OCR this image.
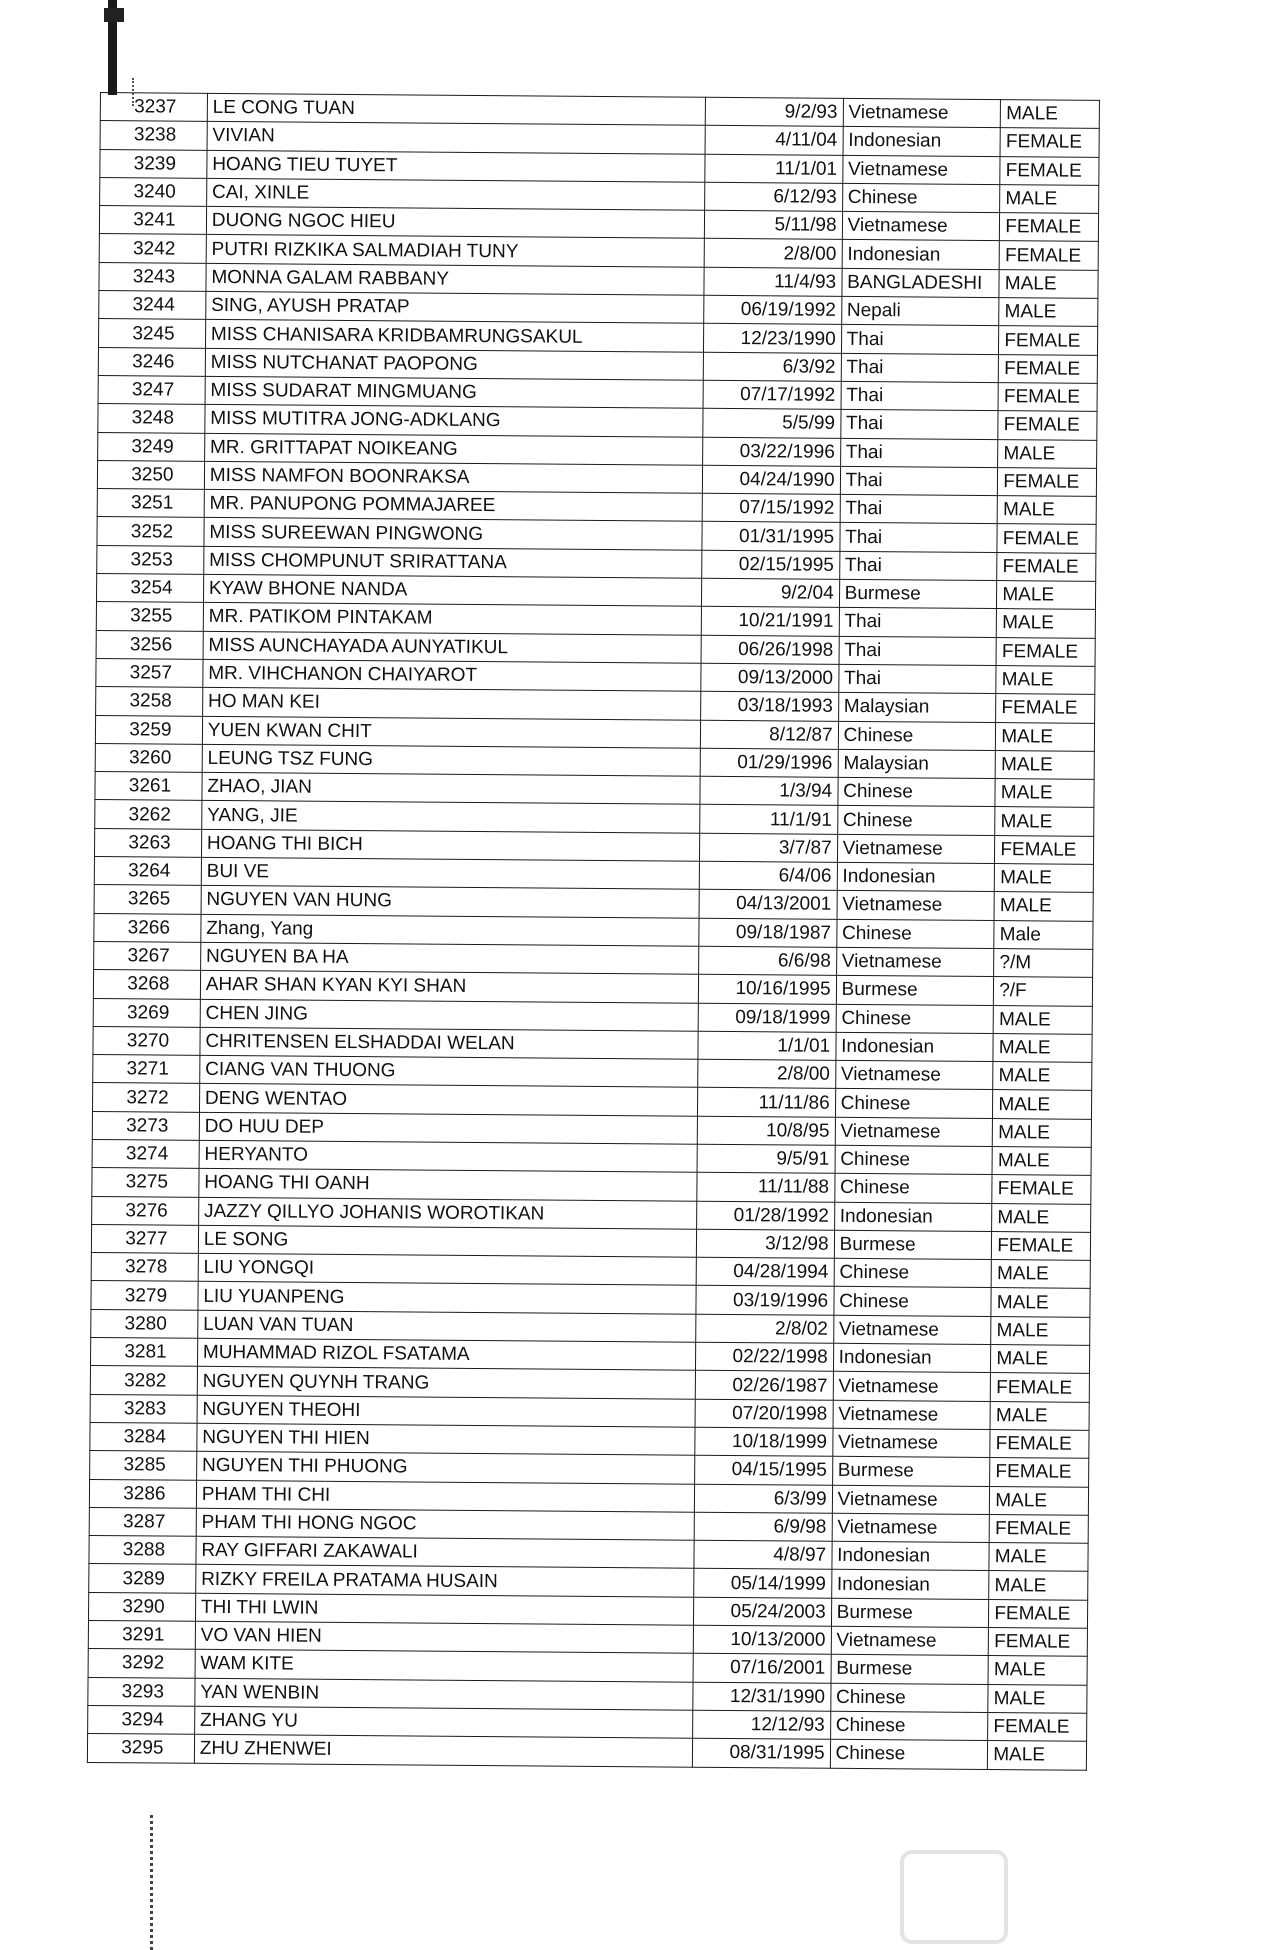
3237	LE CONG TUAN	9/2/93	Vietnamese	MALE
3238	VIVIAN	4/11/04	Indonesian	FEMALE
3239	HOANG TIEU TUYET	11/1/01	Vietnamese	FEMALE
3240	CAI, XINLE	6/12/93	Chinese	MALE
3241	DUONG NGOC HIEU	5/11/98	Vietnamese	FEMALE
3242	PUTRI RIZKIKA SALMADIAH TUNY	2/8/00	Indonesian	FEMALE
3243	MONNA GALAM RABBANY	11/4/93	BANGLADESHI	MALE
3244	SING, AYUSH PRATAP	06/19/1992	Nepali	MALE
3245	MISS CHANISARA KRIDBAMRUNGSAKUL	12/23/1990	Thai	FEMALE
3246	MISS NUTCHANAT PAOPONG	6/3/92	Thai	FEMALE
3247	MISS SUDARAT MINGMUANG	07/17/1992	Thai	FEMALE
3248	MISS MUTITRA JONG-ADKLANG	5/5/99	Thai	FEMALE
3249	MR. GRITTAPAT NOIKEANG	03/22/1996	Thai	MALE
3250	MISS NAMFON BOONRAKSA	04/24/1990	Thai	FEMALE
3251	MR. PANUPONG POMMAJAREE	07/15/1992	Thai	MALE
3252	MISS SUREEWAN PINGWONG	01/31/1995	Thai	FEMALE
3253	MISS CHOMPUNUT SRIRATTANA	02/15/1995	Thai	FEMALE
3254	KYAW BHONE NANDA	9/2/04	Burmese	MALE
3255	MR. PATIKOM PINTAKAM	10/21/1991	Thai	MALE
3256	MISS AUNCHAYADA AUNYATIKUL	06/26/1998	Thai	FEMALE
3257	MR. VIHCHANON CHAIYAROT	09/13/2000	Thai	MALE
3258	HO MAN KEI	03/18/1993	Malaysian	FEMALE
3259	YUEN KWAN CHIT	8/12/87	Chinese	MALE
3260	LEUNG TSZ FUNG	01/29/1996	Malaysian	MALE
3261	ZHAO, JIAN	1/3/94	Chinese	MALE
3262	YANG, JIE	11/1/91	Chinese	MALE
3263	HOANG THI BICH	3/7/87	Vietnamese	FEMALE
3264	BUI VE	6/4/06	Indonesian	MALE
3265	NGUYEN VAN HUNG	04/13/2001	Vietnamese	MALE
3266	Zhang, Yang	09/18/1987	Chinese	Male
3267	NGUYEN BA HA	6/6/98	Vietnamese	?/M
3268	AHAR SHAN KYAN KYI SHAN	10/16/1995	Burmese	?/F
3269	CHEN JING	09/18/1999	Chinese	MALE
3270	CHRITENSEN ELSHADDAI WELAN	1/1/01	Indonesian	MALE
3271	CIANG VAN THUONG	2/8/00	Vietnamese	MALE
3272	DENG WENTAO	11/11/86	Chinese	MALE
3273	DO HUU DEP	10/8/95	Vietnamese	MALE
3274	HERYANTO	9/5/91	Chinese	MALE
3275	HOANG THI OANH	11/11/88	Chinese	FEMALE
3276	JAZZY QILLYO JOHANIS WOROTIKAN	01/28/1992	Indonesian	MALE
3277	LE SONG	3/12/98	Burmese	FEMALE
3278	LIU YONGQI	04/28/1994	Chinese	MALE
3279	LIU YUANPENG	03/19/1996	Chinese	MALE
3280	LUAN VAN TUAN	2/8/02	Vietnamese	MALE
3281	MUHAMMAD RIZOL FSATAMA	02/22/1998	Indonesian	MALE
3282	NGUYEN QUYNH TRANG	02/26/1987	Vietnamese	FEMALE
3283	NGUYEN THEOHI	07/20/1998	Vietnamese	MALE
3284	NGUYEN THI HIEN	10/18/1999	Vietnamese	FEMALE
3285	NGUYEN THI PHUONG	04/15/1995	Burmese	FEMALE
3286	PHAM THI CHI	6/3/99	Vietnamese	MALE
3287	PHAM THI HONG NGOC	6/9/98	Vietnamese	FEMALE
3288	RAY GIFFARI ZAKAWALI	4/8/97	Indonesian	MALE
3289	RIZKY FREILA PRATAMA HUSAIN	05/14/1999	Indonesian	MALE
3290	THI THI LWIN	05/24/2003	Burmese	FEMALE
3291	VO VAN HIEN	10/13/2000	Vietnamese	FEMALE
3292	WAM KITE	07/16/2001	Burmese	MALE
3293	YAN WENBIN	12/31/1990	Chinese	MALE
3294	ZHANG YU	12/12/93	Chinese	FEMALE
3295	ZHU ZHENWEI	08/31/1995	Chinese	MALE
